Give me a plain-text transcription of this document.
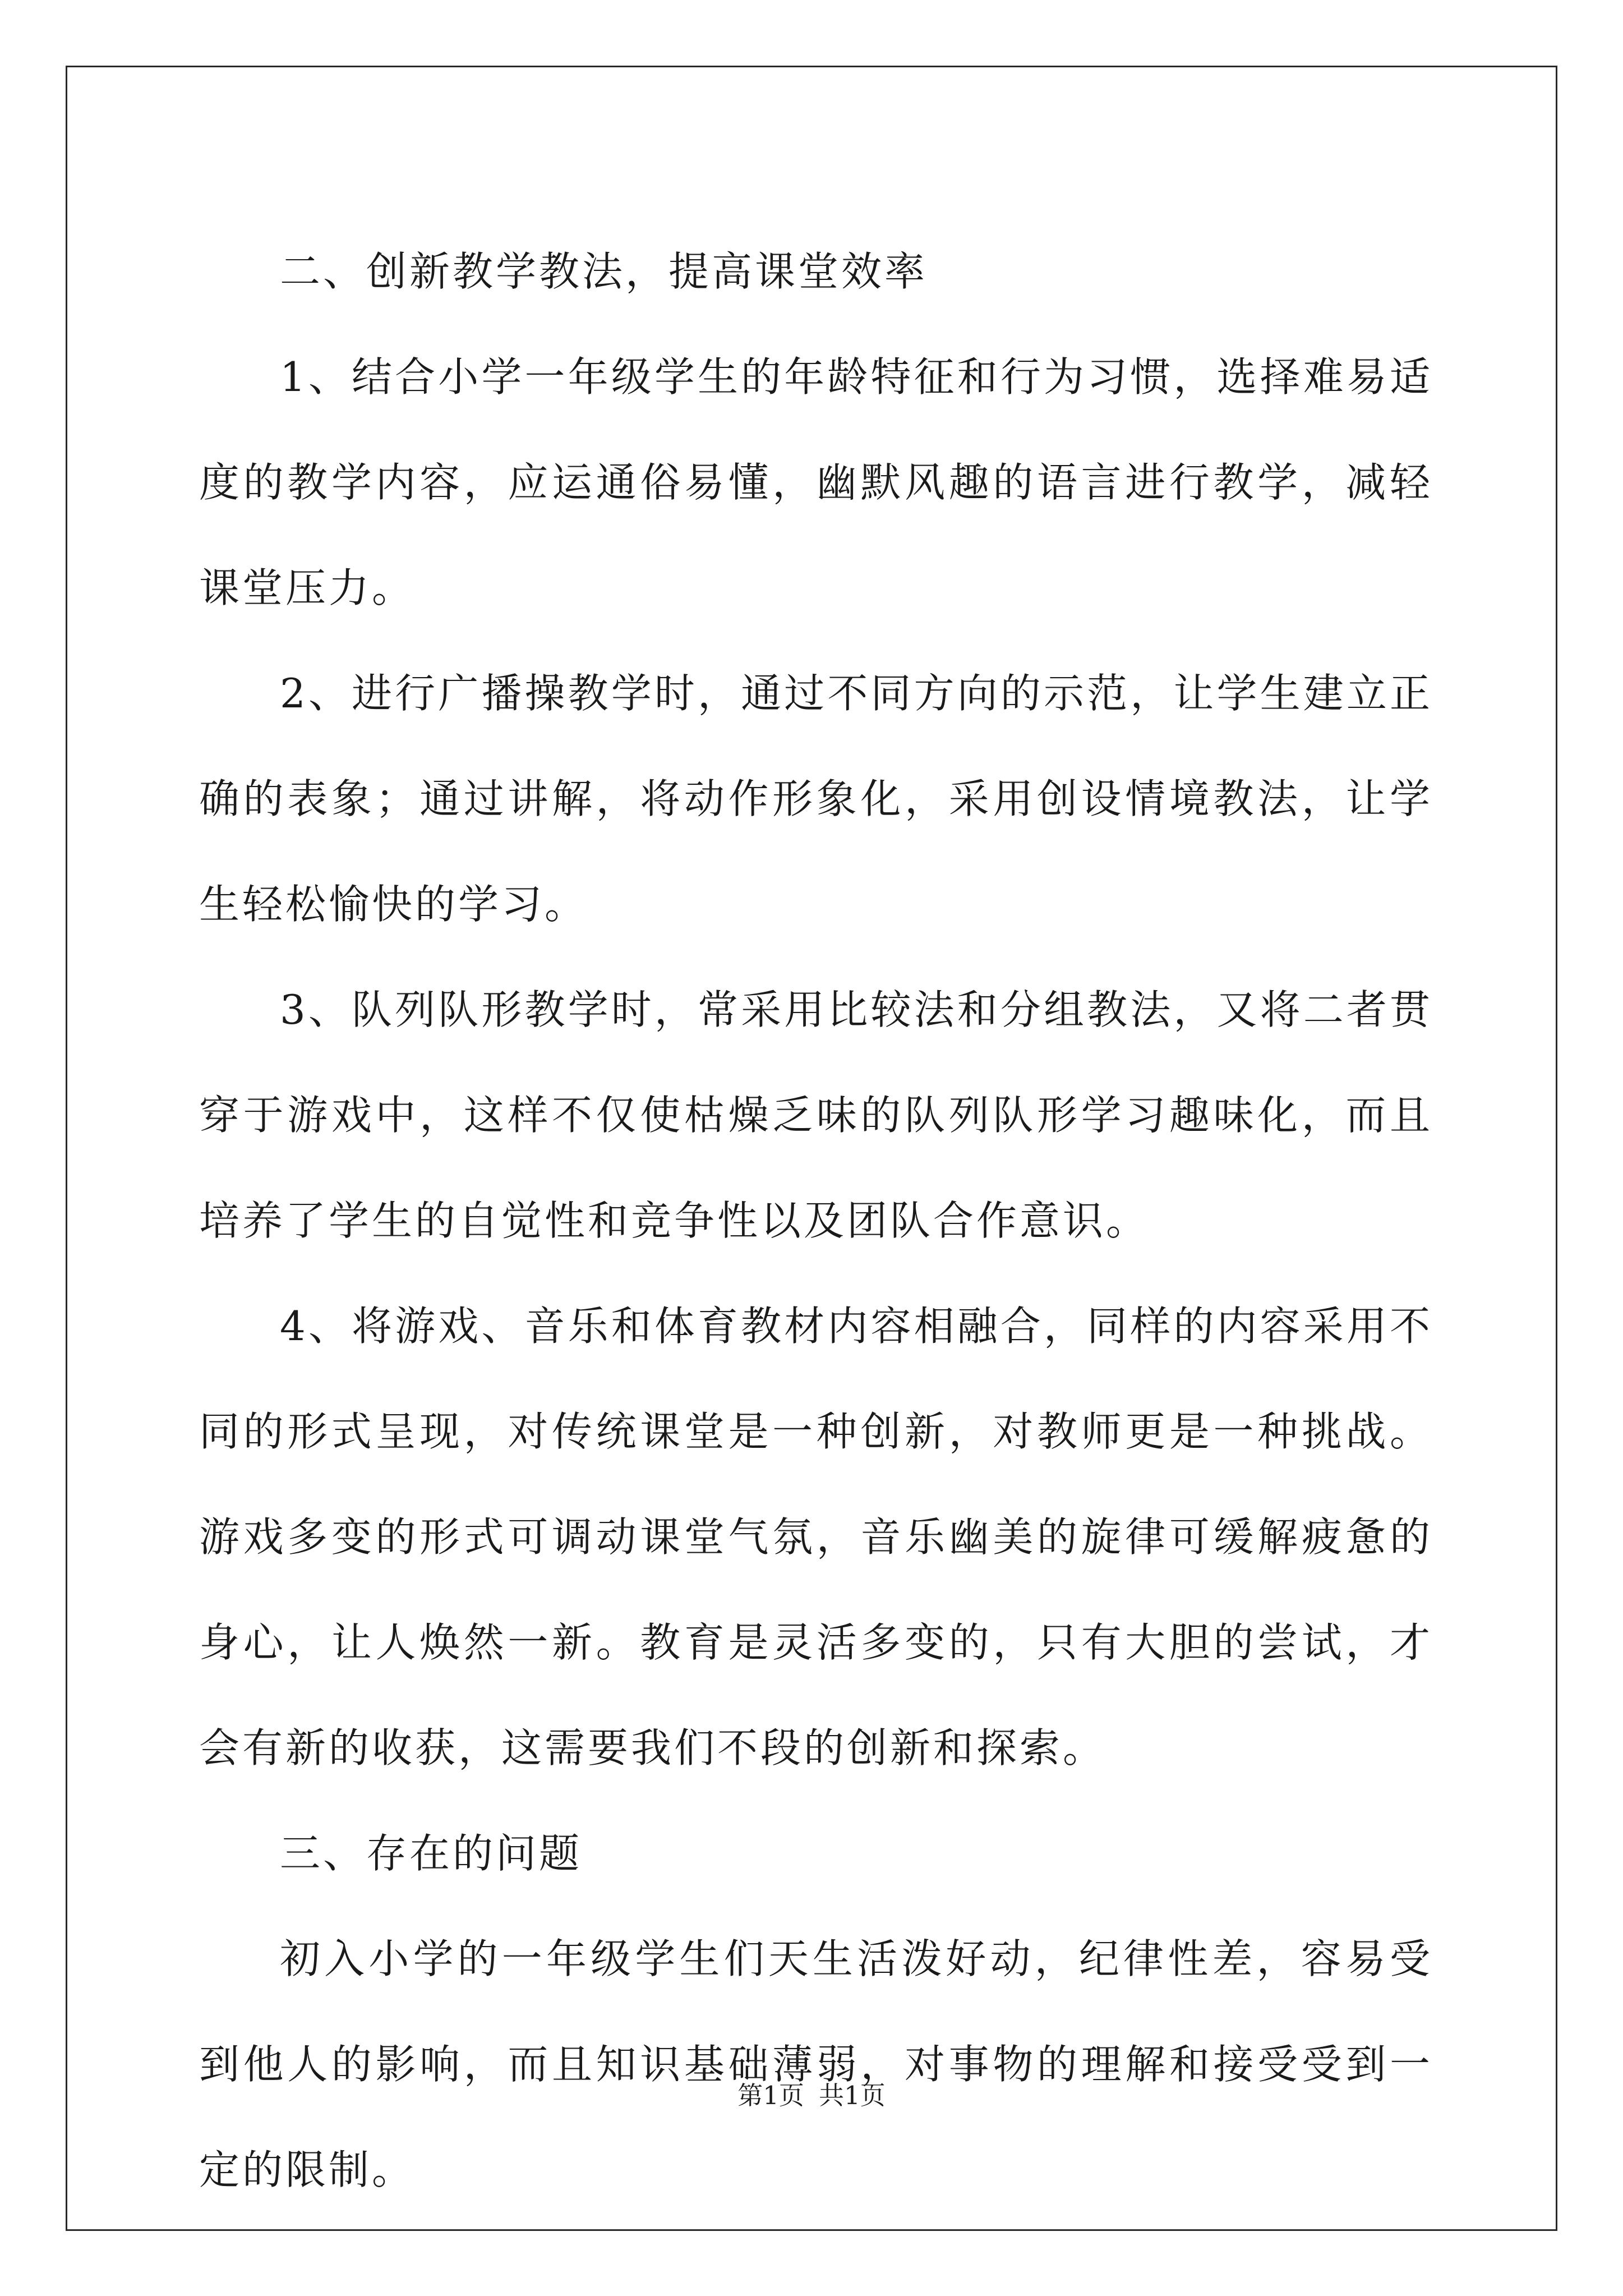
二、创新教学教法，提高课堂效率

1、结合小学一年级学生的年龄特征和行为习惯，选择难易适度的教学内容，应运通俗易懂，幽默风趣的语言进行教学，减轻课堂压力。

2、进行广播操教学时，通过不同方向的示范，让学生建立正确的表象；通过讲解，将动作形象化，采用创设情境教法，让学生轻松愉快的学习。

3、队列队形教学时，常采用比较法和分组教法，又将二者贯穿于游戏中，这样不仅使枯燥乏味的队列队形学习趣味化，而且培养了学生的自觉性和竞争性以及团队合作意识。

4、将游戏、音乐和体育教材内容相融合，同样的内容采用不同的形式呈现，对传统课堂是一种创新，对教师更是一种挑战。游戏多变的形式可调动课堂气氛，音乐幽美的旋律可缓解疲惫的身心，让人焕然一新。教育是灵活多变的，只有大胆的尝试，才会有新的收获，这需要我们不段的创新和探索。

三、存在的问题

初入小学的一年级学生们天生活泼好动，纪律性差，容易受到他人的影响，而且知识基础薄弱，对事物的理解和接受受到一定的限制。

第1页 共1页
